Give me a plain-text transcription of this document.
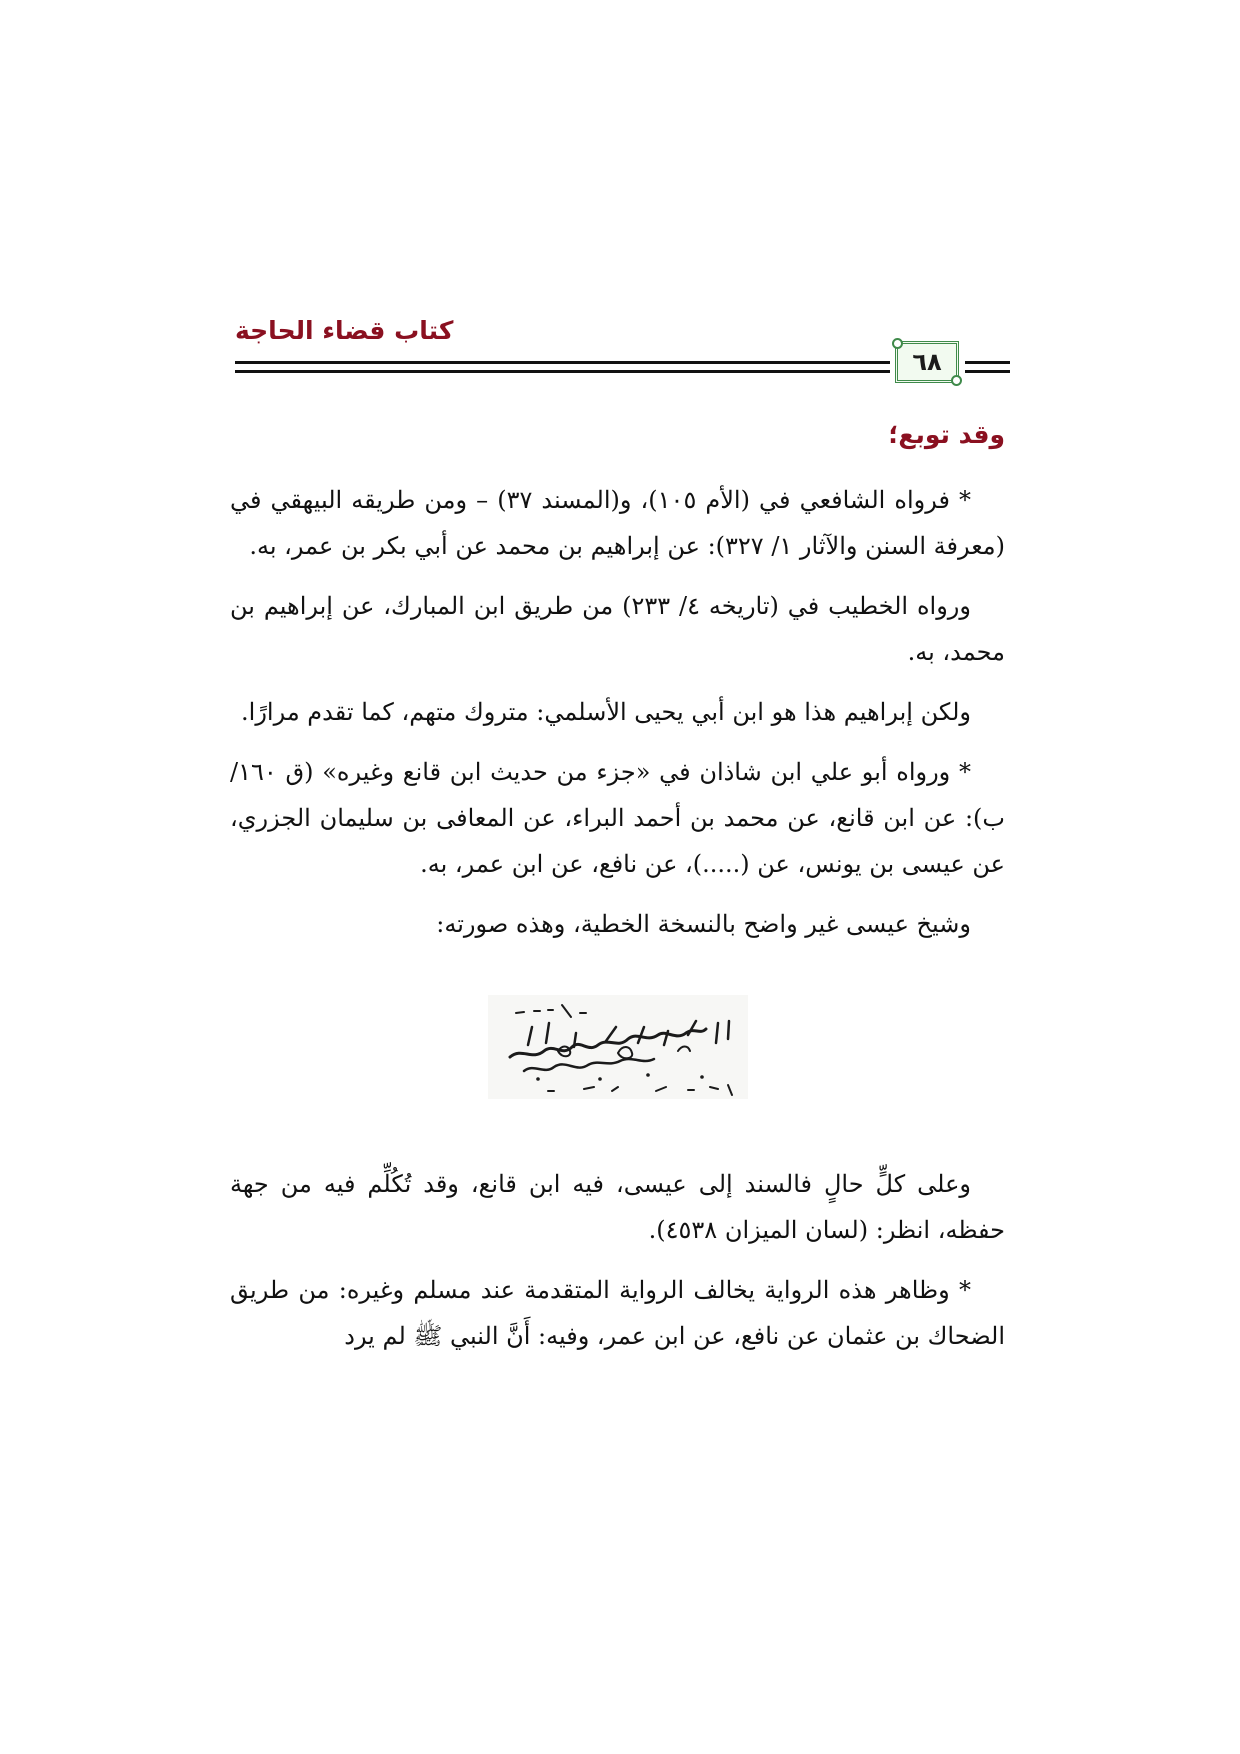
كتاب قضاء الحاجة
٦٨
وقد توبع؛

* فرواه الشافعي في (الأم ١٠٥)، و(المسند ٣٧) – ومن طريقه البيهقي في (معرفة السنن والآثار ١/ ٣٢٧): عن إبراهيم بن محمد عن أبي بكر بن عمر، به.

ورواه الخطيب في (تاريخه ٤/ ٢٣٣) من طريق ابن المبارك، عن إبراهيم بن محمد، به.

ولكن إبراهيم هذا هو ابن أبي يحيى الأسلمي: متروك متهم، كما تقدم مرارًا.

* ورواه أبو علي ابن شاذان في «جزء من حديث ابن قانع وغيره» (ق ١٦٠/ب): عن ابن قانع، عن محمد بن أحمد البراء، عن المعافى بن سليمان الجزري، عن عيسى بن يونس، عن (.....)، عن نافع، عن ابن عمر، به.

وشيخ عيسى غير واضح بالنسخة الخطية، وهذه صورته:

وعلى كلٍّ حالٍ فالسند إلى عيسى، فيه ابن قانع، وقد تُكُلِّم فيه من جهة حفظه، انظر: (لسان الميزان ٤٥٣٨).

* وظاهر هذه الرواية يخالف الرواية المتقدمة عند مسلم وغيره: من طريق الضحاك بن عثمان عن نافع، عن ابن عمر، وفيه: أَنَّ النبي ﷺ لم يرد
